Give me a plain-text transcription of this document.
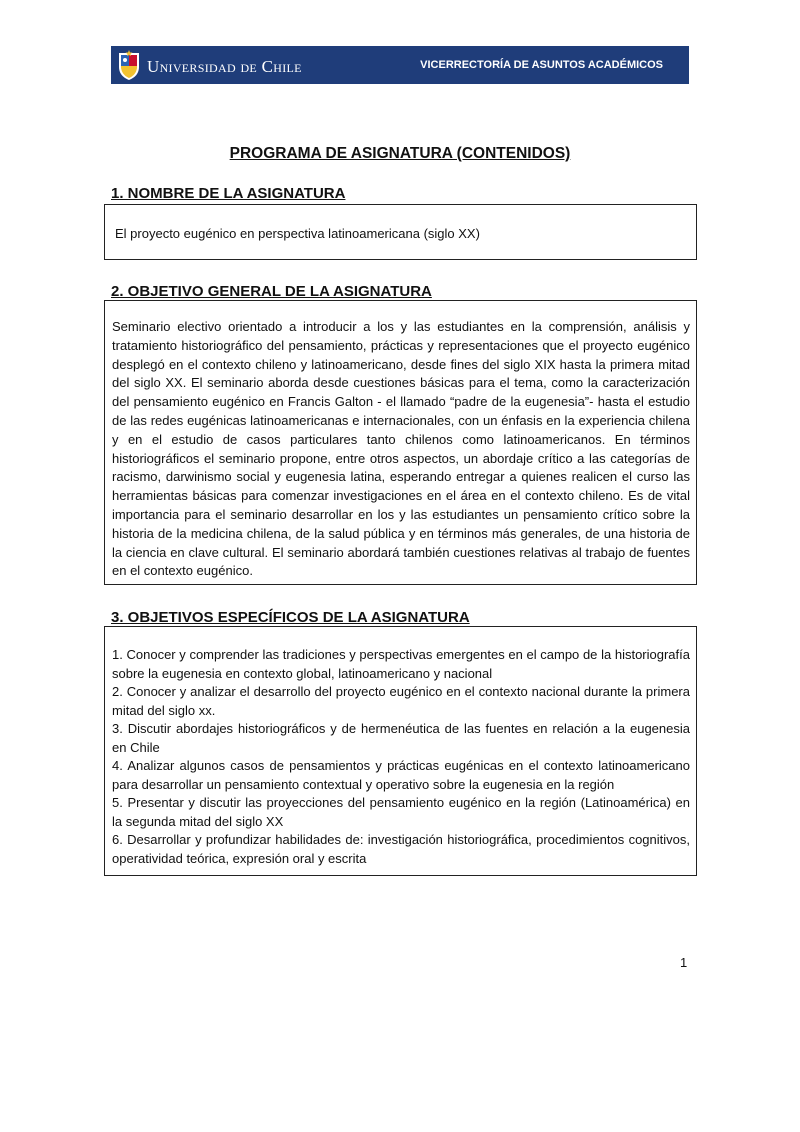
Universidad de Chile	VICERRECTORÍA DE ASUNTOS ACADÉMICOS
PROGRAMA DE ASIGNATURA (CONTENIDOS)
1. NOMBRE DE LA ASIGNATURA
El proyecto eugénico en perspectiva latinoamericana (siglo XX)
2. OBJETIVO GENERAL DE LA ASIGNATURA
Seminario electivo orientado a introducir a los y las estudiantes en la comprensión, análisis y tratamiento historiográfico del pensamiento, prácticas y representaciones que el proyecto eugénico desplegó en el contexto chileno y latinoamericano, desde fines del siglo XIX hasta la primera mitad del siglo XX. El seminario aborda desde cuestiones básicas para el tema, como la caracterización del pensamiento eugénico en Francis Galton - el llamado “padre de la eugenesia”- hasta el estudio de las redes eugénicas latinoamericanas e internacionales, con un énfasis en la experiencia chilena y en el estudio de casos particulares tanto chilenos como latinoamericanos. En términos historiográficos el seminario propone, entre otros aspectos, un abordaje crítico a las categorías de racismo, darwinismo social y eugenesia latina, esperando entregar a quienes realicen el curso las herramientas básicas para comenzar investigaciones en el área en el contexto chileno. Es de vital importancia para el seminario desarrollar en los y las estudiantes un pensamiento crítico sobre la historia de la medicina chilena, de la salud pública y en términos más generales, de una historia de la ciencia en clave cultural. El seminario abordará también cuestiones relativas al trabajo de fuentes en el contexto eugénico.
3. OBJETIVOS ESPECÍFICOS DE LA ASIGNATURA

1. Conocer y comprender las tradiciones y perspectivas emergentes en el campo de la historiografía sobre la eugenesia en contexto global, latinoamericano y nacional

2. Conocer y analizar el desarrollo del proyecto eugénico en el contexto nacional durante la primera mitad del siglo xx.

3. Discutir abordajes historiográficos y de hermenéutica de las fuentes en relación a la eugenesia en Chile

4. Analizar algunos casos de pensamientos y prácticas eugénicas en el contexto latinoamericano para desarrollar un pensamiento contextual y operativo sobre la eugenesia en la región

5. Presentar y discutir las proyecciones del pensamiento eugénico en la región (Latinoamérica) en la segunda mitad del siglo XX

6. Desarrollar y profundizar habilidades de: investigación historiográfica, procedimientos cognitivos, operatividad teórica, expresión oral y escrita

1
